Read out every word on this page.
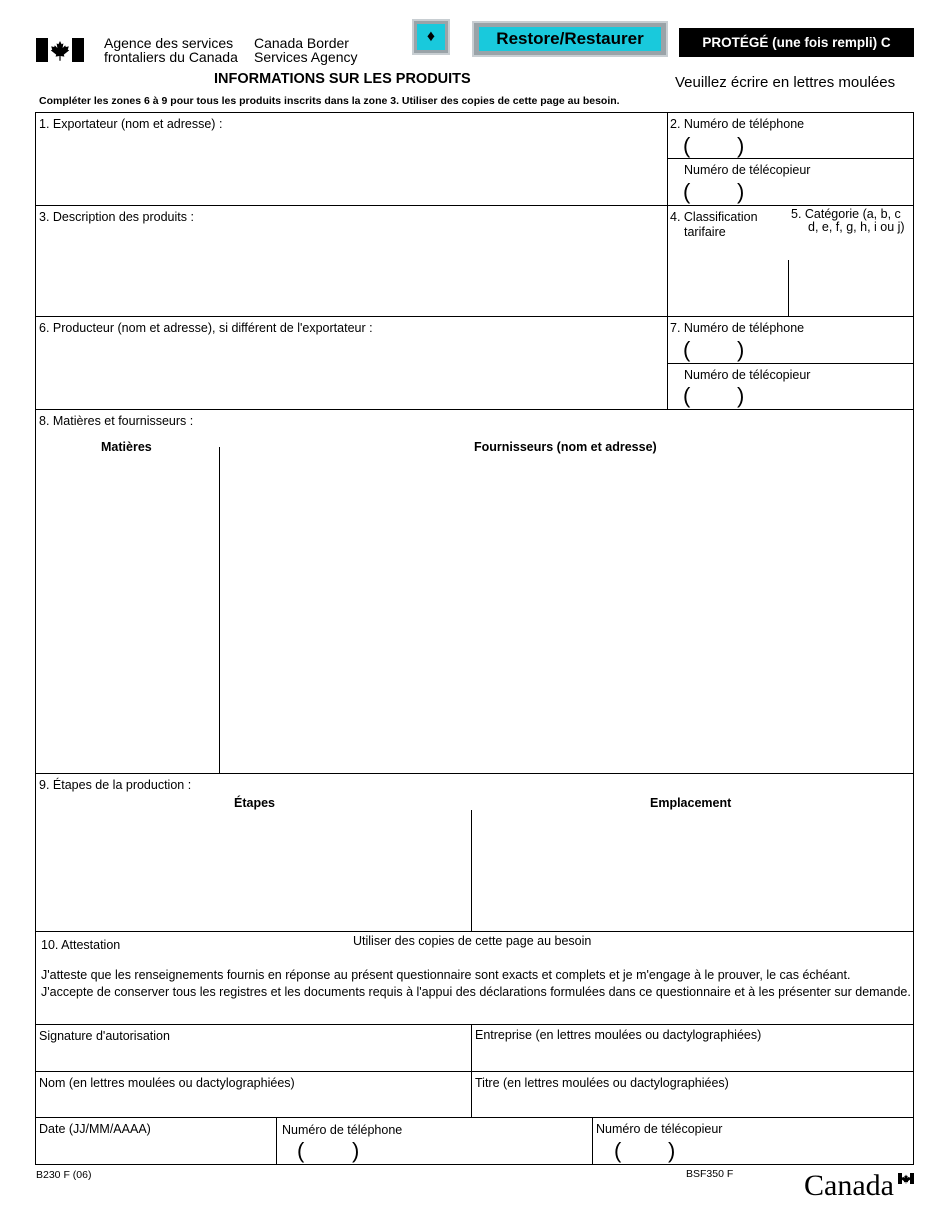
Agence des services
frontaliers du Canada
Canada Border
Services Agency
♦	Restore/Restaurer	PROTÉGÉ (une fois rempli) C
INFORMATIONS SUR LES PRODUITS	Veuillez écrire en lettres moulées
Compléter les zones 6 à 9 pour tous les produits inscrits dans la zone 3. Utiliser des copies de cette page au besoin.
1. Exportateur (nom et adresse) :	2. Numéro de téléphone
( )
Numéro de télécopieur
( )
3. Description des produits :	4. Classification
tarifaire
5. Catégorie (a, b, c
d, e, f, g, h, i ou j)
6. Producteur (nom et adresse), si différent de l'exportateur :	7. Numéro de téléphone
( )
Numéro de télécopieur
( )
8. Matières et fournisseurs :
Matières	Fournisseurs (nom et adresse)
9. Étapes de la production :
Étapes	Emplacement
10. Attestation	Utiliser des copies de cette page au besoin
J'atteste que les renseignements fournis en réponse au présent questionnaire sont exacts et complets et je m'engage à le prouver, le cas échéant.
J'accepte de conserver tous les registres et les documents requis à l'appui des déclarations formulées dans ce questionnaire et à les présenter sur demande.
Signature d'autorisation	Entreprise (en lettres moulées ou dactylographiées)
Nom (en lettres moulées ou dactylographiées)	Titre (en lettres moulées ou dactylographiées)
Date (JJ/MM/AAAA)	Numéro de téléphone
( )
Numéro de télécopieur
( )
B230 F (06)	BSF350 F Canada
